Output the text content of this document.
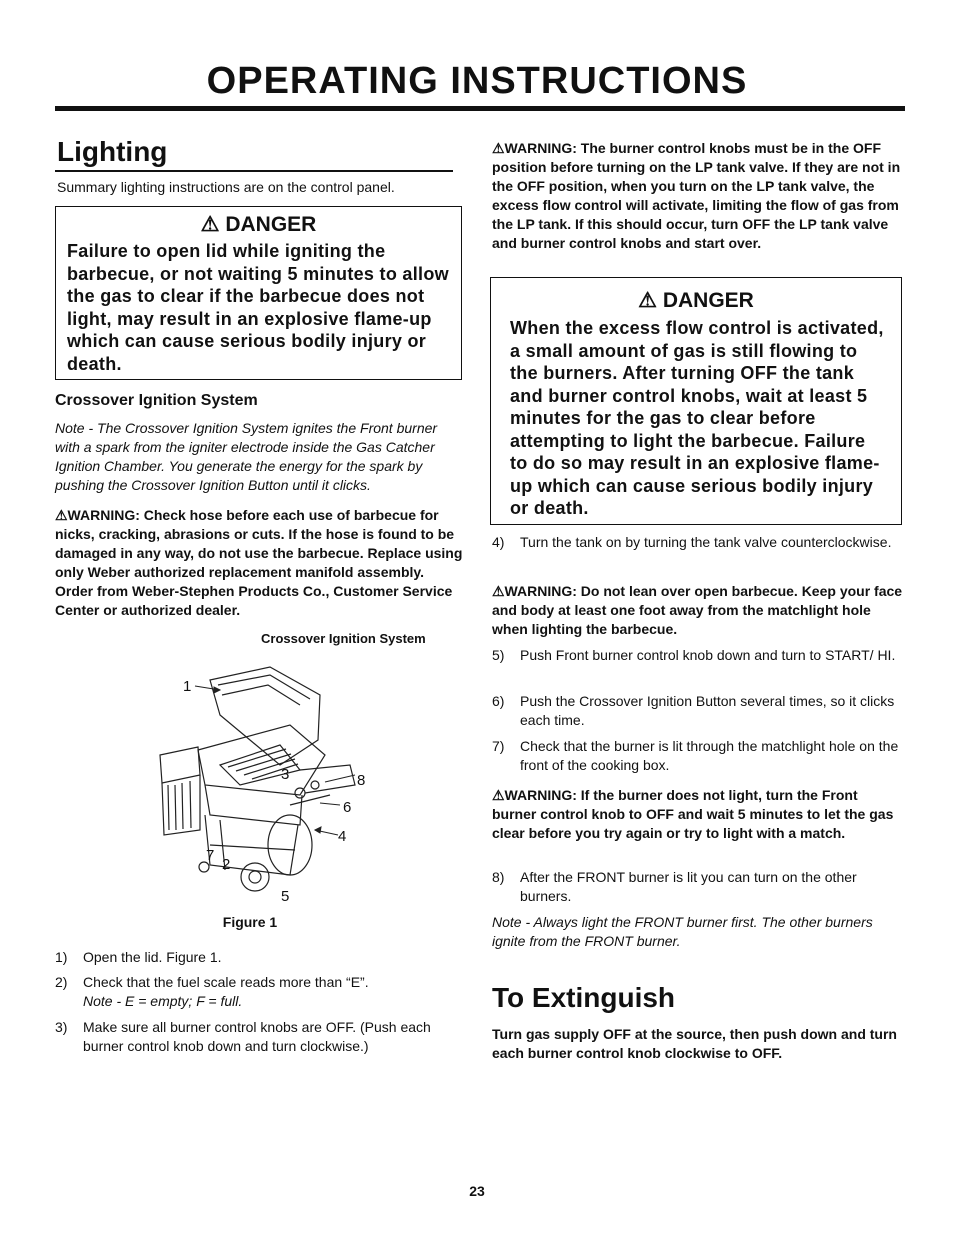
OPERATING INSTRUCTIONS
Lighting
Summary lighting instructions are on the control panel.
⚠ DANGER
Failure to open lid while igniting the barbecue, or not waiting 5 minutes to allow the gas to clear if the barbecue does not light, may result in an explosive flame-up which can cause serious bodily injury or death.
Crossover Ignition System
Note - The Crossover Ignition System ignites the Front burner with a spark from the igniter electrode inside the Gas Catcher Ignition Chamber. You generate the energy for the spark by pushing the Crossover Ignition Button until it clicks.
⚠WARNING: Check hose before each use of barbecue for nicks, cracking, abrasions or cuts. If the hose is found to be damaged in any way, do not use the barbecue. Replace using only Weber authorized replacement manifold assembly. Order from Weber-Stephen Products Co., Customer Service Center or authorized dealer.
Crossover Ignition System
1
2
3
4
5
6
7
8
Figure 1
1)	Open the lid. Figure 1.
2)	Check that the fuel scale reads more than “E”.
Note - E = empty; F = full.
3)	Make sure all burner control knobs are OFF. (Push each burner control knob down and turn clockwise.)
⚠WARNING: The burner control knobs must be in the OFF position before turning on the LP tank valve. If they are not in the OFF position, when you turn on the LP tank valve, the excess flow control will activate, limiting the flow of gas from the LP tank. If this should occur, turn OFF the LP tank valve and burner control knobs and start over.
⚠ DANGER
When the excess flow control is activated, a small amount of gas is still flowing to the burners. After turning OFF the tank and burner control knobs, wait at least 5 minutes for the gas to clear before attempting to light the barbecue. Failure to do so may result in an explosive flame-up which can cause serious bodily injury or death.
4)	Turn the tank on by turning the tank valve counterclockwise.
⚠WARNING: Do not lean over open barbecue. Keep your face and body at least one foot away from the matchlight hole when lighting the barbecue.
5)	Push Front burner control knob down and turn to START/ HI.
6)	Push the Crossover Ignition Button several times, so it clicks each time.
7)	Check that the burner is lit through the matchlight hole on the front of the cooking box.
⚠WARNING: If the burner does not light, turn the Front burner control knob to OFF and wait 5 minutes to let the gas clear before you try again or try to light with a match.
8)	After the FRONT burner is lit you can turn on the other burners.
Note - Always light the FRONT burner first. The other burners ignite from the FRONT burner.
To Extinguish
Turn gas supply OFF at the source, then push down and turn each burner control knob clockwise to OFF.
23
